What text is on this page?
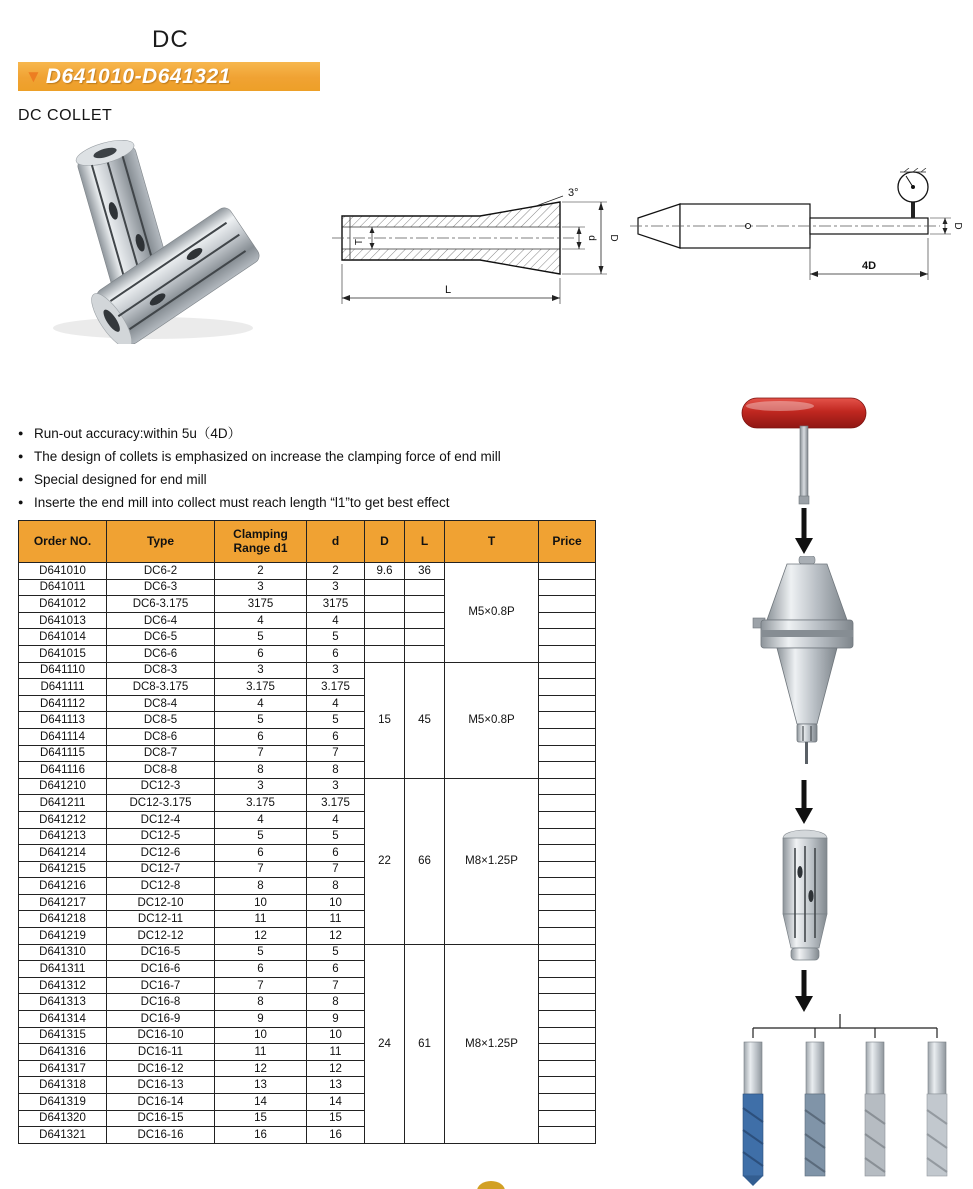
DC
▼ D641010-D641321
DC COLLET
3°
T
L
d D
4D
D
● Run-out accuracy:within 5u（4D）
● The design of collets is emphasized on increase the clamping force of end mill
● Special designed for end mill
● Inserte the end mill into collect must reach length “l1”to get best effect
Order NO.	Type	Clamping Range d1	d	D	L	T	Price
D641010	DC6-2	2	2	9.6	36	M5×0.8P	
D641011	DC6-3	3	3				
D641012	DC6-3.175	3175	3175				
D641013	DC6-4	4	4				
D641014	DC6-5	5	5				
D641015	DC6-6	6	6				
D641110	DC8-3	3	3	15	45	M5×0.8P	
D641111	DC8-3.175	3.175	3.175				
D641112	DC8-4	4	4				
D641113	DC8-5	5	5				
D641114	DC8-6	6	6				
D641115	DC8-7	7	7				
D641116	DC8-8	8	8				
D641210	DC12-3	3	3	22	66	M8×1.25P	
D641211	DC12-3.175	3.175	3.175				
D641212	DC12-4	4	4				
D641213	DC12-5	5	5				
D641214	DC12-6	6	6				
D641215	DC12-7	7	7				
D641216	DC12-8	8	8				
D641217	DC12-10	10	10				
D641218	DC12-11	11	11				
D641219	DC12-12	12	12				
D641310	DC16-5	5	5	24	61	M8×1.25P	
D641311	DC16-6	6	6				
D641312	DC16-7	7	7				
D641313	DC16-8	8	8				
D641314	DC16-9	9	9				
D641315	DC16-10	10	10				
D641316	DC16-11	11	11				
D641317	DC16-12	12	12				
D641318	DC16-13	13	13				
D641319	DC16-14	14	14				
D641320	DC16-15	15	15				
D641321	DC16-16	16	16				
